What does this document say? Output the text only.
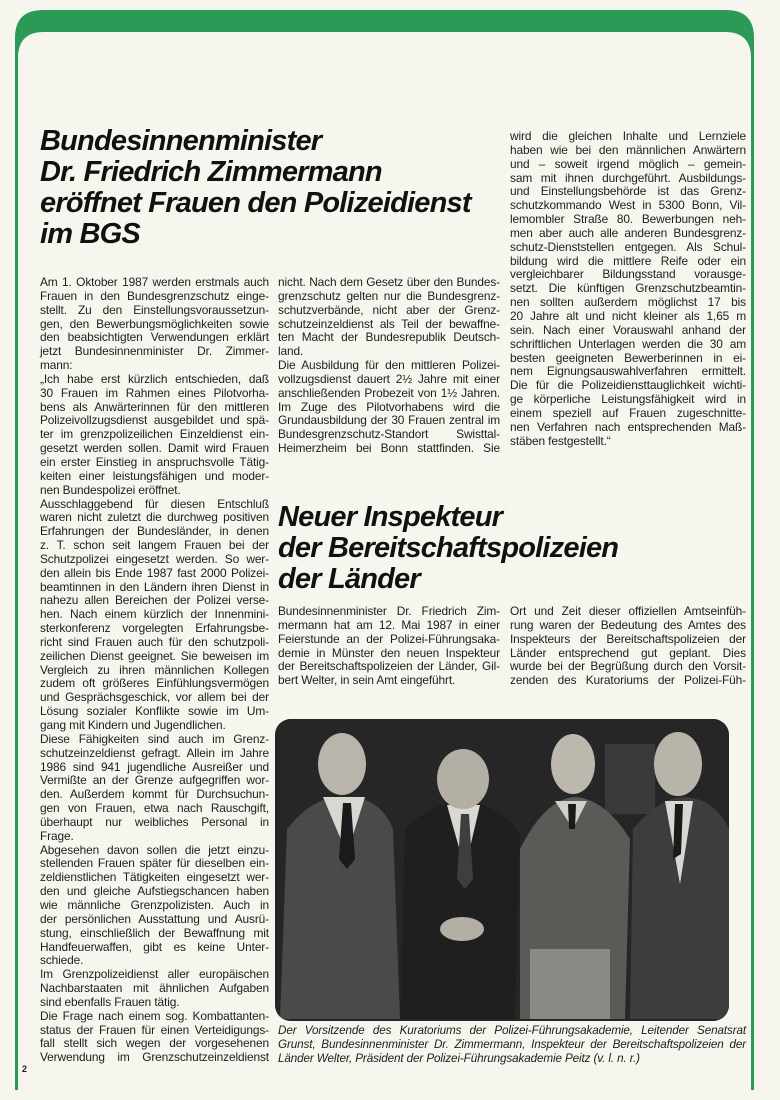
Bundesinnenminister
Dr. Friedrich Zimmermann
eröffnet Frauen den Polizeidienst
im BGS
Am 1. Oktober 1987 werden erstmals auch
Frauen in den Bundesgrenzschutz einge-
stellt. Zu den Einstellungsvoraussetzun-
gen, den Bewerbungsmöglichkeiten sowie
den beabsichtigten Verwendungen erklärt
jetzt Bundesinnenminister Dr. Zimmer-
mann:
„Ich habe erst kürzlich entschieden, daß
30 Frauen im Rahmen eines Pilotvorha-
bens als Anwärterinnen für den mittleren
Polizeivollzugsdienst ausgebildet und spä-
ter im grenzpolizeilichen Einzeldienst ein-
gesetzt werden sollen. Damit wird Frauen
ein erster Einstieg in anspruchsvolle Tätig-
keiten einer leistungsfähigen und moder-
nen Bundespolizei eröffnet.
Ausschlaggebend für diesen Entschluß
waren nicht zuletzt die durchweg positiven
Erfahrungen der Bundesländer, in denen
z. T. schon seit langem Frauen bei der
Schutzpolizei eingesetzt werden. So wer-
den allein bis Ende 1987 fast 2000 Polizei-
beamtinnen in den Ländern ihren Dienst in
nahezu allen Bereichen der Polizei verse-
hen. Nach einem kürzlich der Innenmini-
sterkonferenz vorgelegten Erfahrungsbe-
richt sind Frauen auch für den schutzpoli-
zeilichen Dienst geeignet. Sie beweisen im
Vergleich zu ihren männlichen Kollegen
zudem oft größeres Einfühlungsvermögen
und Gesprächsgeschick, vor allem bei der
Lösung sozialer Konflikte sowie im Um-
gang mit Kindern und Jugendlichen.
Diese Fähigkeiten sind auch im Grenz-
schutzeinzeldienst gefragt. Allein im Jahre
1986 sind 941 jugendliche Ausreißer und
Vermißte an der Grenze aufgegriffen wor-
den. Außerdem kommt für Durchsuchun-
gen von Frauen, etwa nach Rauschgift,
überhaupt nur weibliches Personal in
Frage.
Abgesehen davon sollen die jetzt einzu-
stellenden Frauen später für dieselben ein-
zeldienstlichen Tätigkeiten eingesetzt wer-
den und gleiche Aufstiegschancen haben
wie männliche Grenzpolizisten. Auch in
der persönlichen Ausstattung und Ausrü-
stung, einschließlich der Bewaffnung mit
Handfeuerwaffen, gibt es keine Unter-
schiede.
Im Grenzpolizeidienst aller europäischen
Nachbarstaaten mit ähnlichen Aufgaben
sind ebenfalls Frauen tätig.
Die Frage nach einem sog. Kombattanten-
status der Frauen für einen Verteidigungs-
fall stellt sich wegen der vorgesehenen
Verwendung im Grenzschutzeinzeldienst
nicht. Nach dem Gesetz über den Bundes-
grenzschutz gelten nur die Bundesgrenz-
schutzverbände, nicht aber der Grenz-
schutzeinzeldienst als Teil der bewaffne-
ten Macht der Bundesrepublik Deutsch-
land.
Die Ausbildung für den mittleren Polizei-
vollzugsdienst dauert 2½ Jahre mit einer
anschließenden Probezeit von 1½ Jahren.
Im Zuge des Pilotvorhabens wird die
Grundausbildung der 30 Frauen zentral im
Bundesgrenzschutz-Standort Swisttal-
Heimerzheim bei Bonn stattfinden. Sie
wird die gleichen Inhalte und Lernziele
haben wie bei den männlichen Anwärtern
und – soweit irgend möglich – gemein-
sam mit ihnen durchgeführt. Ausbildungs-
und Einstellungsbehörde ist das Grenz-
schutzkommando West in 5300 Bonn, Vil-
lemombler Straße 80. Bewerbungen neh-
men aber auch alle anderen Bundesgrenz-
schutz-Dienststellen entgegen. Als Schul-
bildung wird die mittlere Reife oder ein
vergleichbarer Bildungsstand vorausge-
setzt. Die künftigen Grenzschutzbeamtin-
nen sollten außerdem möglichst 17 bis
20 Jahre alt und nicht kleiner als 1,65 m
sein. Nach einer Vorauswahl anhand der
schriftlichen Unterlagen werden die 30 am
besten geeigneten Bewerberinnen in ei-
nem Eignungsauswahlverfahren ermittelt.
Die für die Polizeidiensttauglichkeit wichti-
ge körperliche Leistungsfähigkeit wird in
einem speziell auf Frauen zugeschnitte-
nen Verfahren nach entsprechenden Maß-
stäben festgestellt.“
Neuer Inspekteur
der Bereitschaftspolizeien
der Länder
Bundesinnenminister Dr. Friedrich Zim-
mermann hat am 12. Mai 1987 in einer
Feierstunde an der Polizei-Führungsaka-
demie in Münster den neuen Inspekteur
der Bereitschaftspolizeien der Länder, Gil-
bert Welter, in sein Amt eingeführt.
Ort und Zeit dieser offiziellen Amtseinfüh-
rung waren der Bedeutung des Amtes des
Inspekteurs der Bereitschaftspolizeien der
Länder entsprechend gut geplant. Dies
wurde bei der Begrüßung durch den Vorsit-
zenden des Kuratoriums der Polizei-Füh-
Der Vorsitzende des Kuratoriums der Polizei-Führungsakademie, Leitender Senatsrat
Grunst, Bundesinnenminister Dr. Zimmermann, Inspekteur der Bereitschaftspolizeien der
Länder Welter, Präsident der Polizei-Führungsakademie Peitz (v. l. n. r.)
2
